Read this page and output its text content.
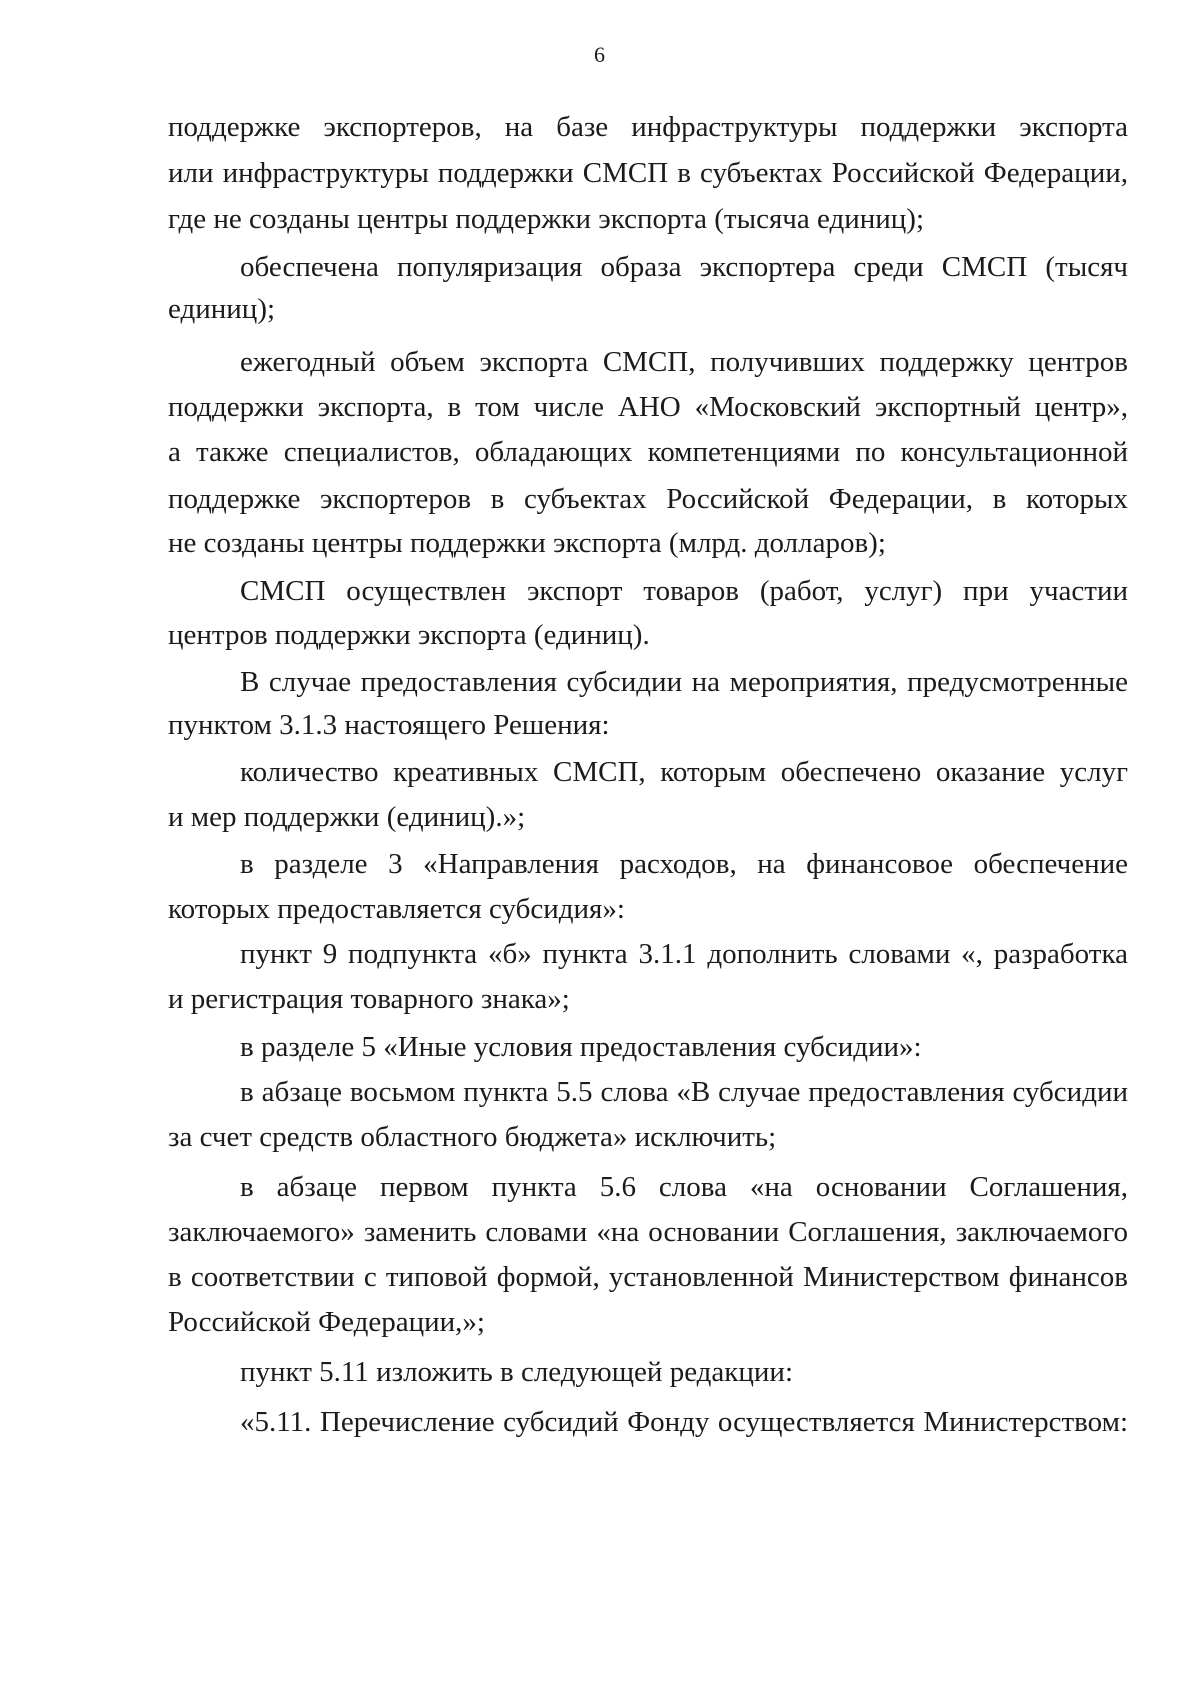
6
поддержке экспортеров, на базе инфраструктуры поддержки экспорта
или инфраструктуры поддержки СМСП в субъектах Российской Федерации,
где не созданы центры поддержки экспорта (тысяча единиц);
обеспечена популяризация образа экспортера среди СМСП (тысяч
единиц);
ежегодный объем экспорта СМСП, получивших поддержку центров
поддержки экспорта, в том числе АНО «Московский экспортный центр»,
а также специалистов, обладающих компетенциями по консультационной
поддержке экспортеров в субъектах Российской Федерации, в которых
не созданы центры поддержки экспорта (млрд. долларов);
СМСП осуществлен экспорт товаров (работ, услуг) при участии
центров поддержки экспорта (единиц).
В случае предоставления субсидии на мероприятия, предусмотренные
пунктом 3.1.3 настоящего Решения:
количество креативных СМСП, которым обеспечено оказание услуг
и мер поддержки (единиц).»;
в разделе 3 «Направления расходов, на финансовое обеспечение
которых предоставляется субсидия»:
пункт 9 подпункта «б» пункта 3.1.1 дополнить словами «, разработка
и регистрация товарного знака»;
в разделе 5 «Иные условия предоставления субсидии»:
в абзаце восьмом пункта 5.5 слова «В случае предоставления субсидии
за счет средств областного бюджета» исключить;
в абзаце первом пункта 5.6 слова «на основании Соглашения,
заключаемого» заменить словами «на основании Соглашения, заключаемого
в соответствии с типовой формой, установленной Министерством финансов
Российской Федерации,»;
пункт 5.11 изложить в следующей редакции:
«5.11. Перечисление субсидий Фонду осуществляется Министерством:
